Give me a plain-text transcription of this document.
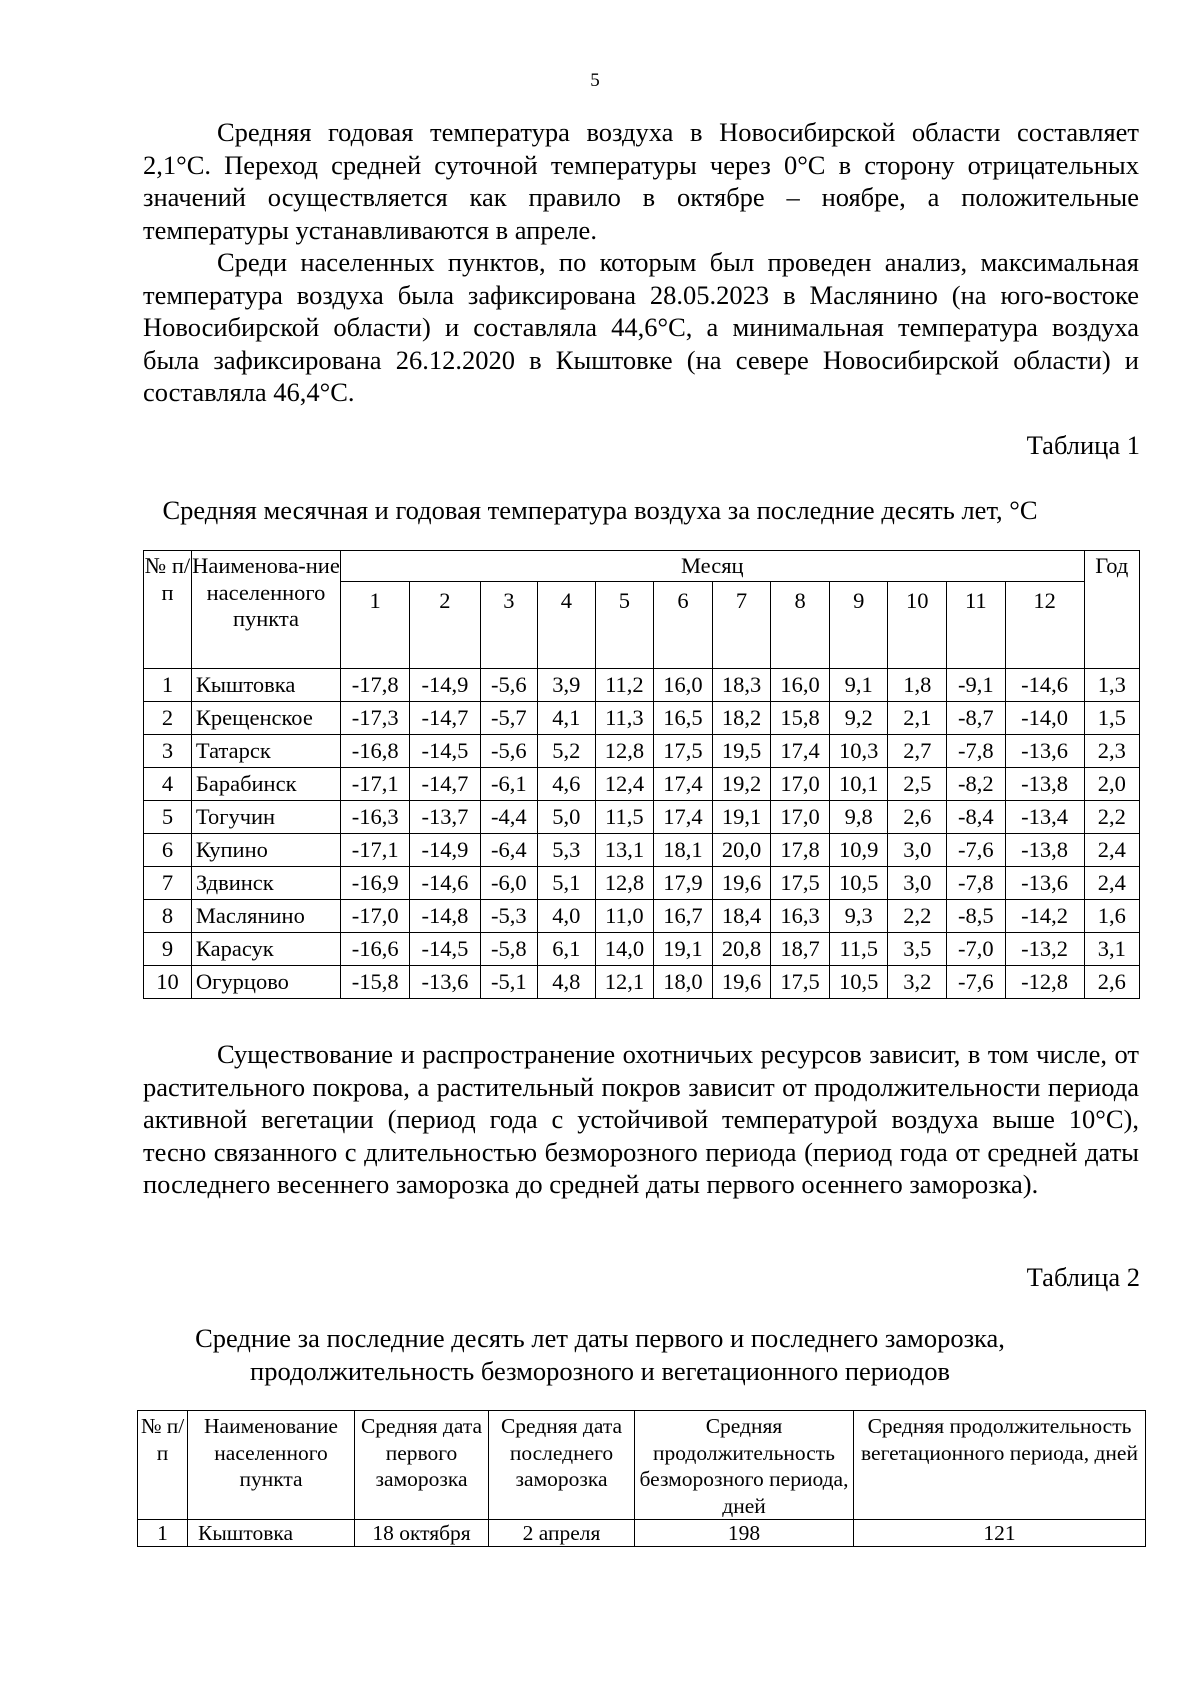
5

Средняя годовая температура воздуха в Новосибирской области составляет 2,1°С. Переход средней суточной температуры через 0°С в сторону отрицательных значений осуществляется как правило в октябре – ноябре, а положительные температуры устанавливаются в апреле.

Среди населенных пунктов, по которым был проведен анализ, максимальная температура воздуха была зафиксирована 28.05.2023 в Маслянино (на юго-востоке Новосибирской области) и составляла 44,6°С, а минимальная температура воздуха была зафиксирована 26.12.2020 в Кыштовке (на севере Новосибирской области) и составляла 46,4°С.

Таблица 1
Средняя месячная и годовая температура воздуха за последние десять лет, °С
№ п/п	Наименова-ние населенного пункта	Месяц												Год
		1	2	3	4	5	6	7	8	9	10	11	12	
1	Кыштовка	-17,8	-14,9	-5,6	3,9	11,2	16,0	18,3	16,0	9,1	1,8	-9,1	-14,6	1,3
2	Крещенское	-17,3	-14,7	-5,7	4,1	11,3	16,5	18,2	15,8	9,2	2,1	-8,7	-14,0	1,5
3	Татарск	-16,8	-14,5	-5,6	5,2	12,8	17,5	19,5	17,4	10,3	2,7	-7,8	-13,6	2,3
4	Барабинск	-17,1	-14,7	-6,1	4,6	12,4	17,4	19,2	17,0	10,1	2,5	-8,2	-13,8	2,0
5	Тогучин	-16,3	-13,7	-4,4	5,0	11,5	17,4	19,1	17,0	9,8	2,6	-8,4	-13,4	2,2
6	Купино	-17,1	-14,9	-6,4	5,3	13,1	18,1	20,0	17,8	10,9	3,0	-7,6	-13,8	2,4
7	Здвинск	-16,9	-14,6	-6,0	5,1	12,8	17,9	19,6	17,5	10,5	3,0	-7,8	-13,6	2,4
8	Маслянино	-17,0	-14,8	-5,3	4,0	11,0	16,7	18,4	16,3	9,3	2,2	-8,5	-14,2	1,6
9	Карасук	-16,6	-14,5	-5,8	6,1	14,0	19,1	20,8	18,7	11,5	3,5	-7,0	-13,2	3,1
10	Огурцово	-15,8	-13,6	-5,1	4,8	12,1	18,0	19,6	17,5	10,5	3,2	-7,6	-12,8	2,6

Существование и распространение охотничьих ресурсов зависит, в том числе, от растительного покрова, а растительный покров зависит от продолжительности периода активной вегетации (период года с устойчивой температурой воздуха выше 10°С), тесно связанного с длительностью безморозного периода (период года от средней даты последнего весеннего заморозка до средней даты первого осеннего заморозка).

Таблица 2
Средние за последние десять лет даты первого и последнего заморозка,
продолжительность безморозного и вегетационного периодов
№ п/п	Наименование населенного пункта	Средняя дата первого заморозка	Средняя дата последнего заморозка	Средняя продолжительность безморозного периода, дней	Средняя продолжительность вегетационного периода, дней
1	Кыштовка	18 октября	2 апреля	198	121
